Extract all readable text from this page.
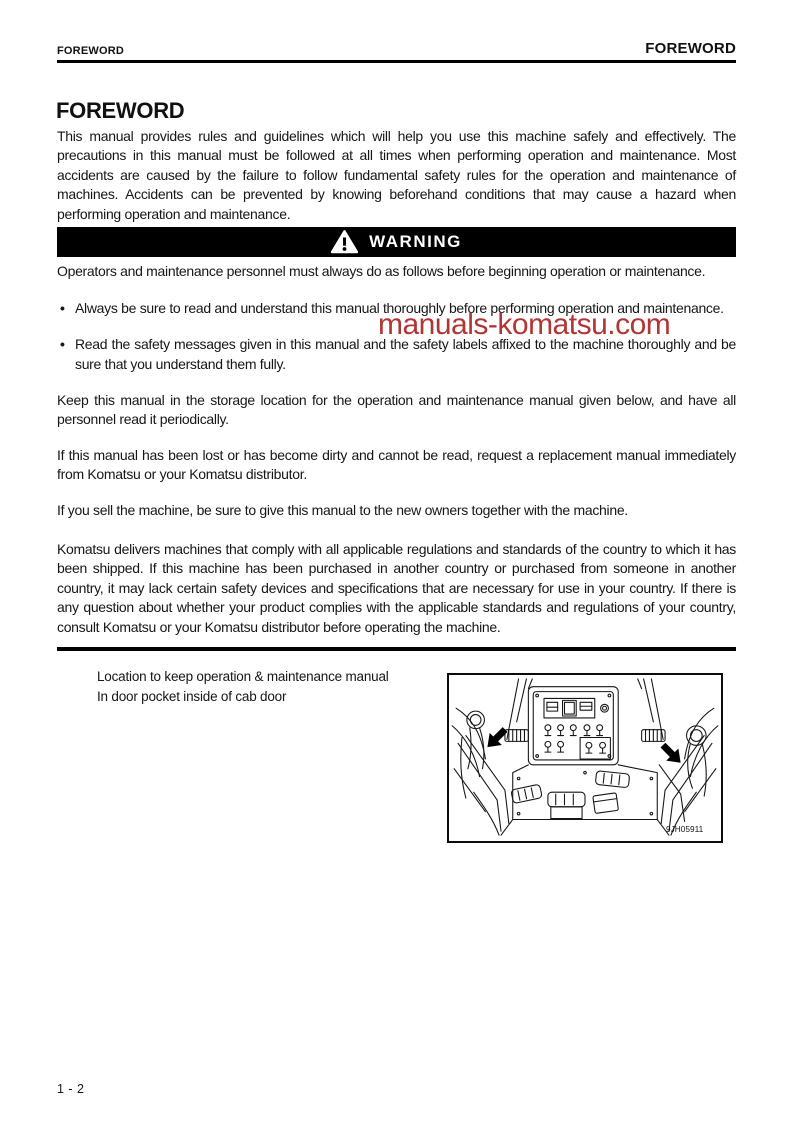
FOREWORD	FOREWORD
FOREWORD
This manual provides rules and guidelines which will help you use this machine safely and effectively. The precautions in this manual must be followed at all times when performing operation and maintenance. Most accidents are caused by the failure to follow fundamental safety rules for the operation and maintenance of machines. Accidents can be prevented by knowing beforehand conditions that may cause a hazard when performing operation and maintenance.
WARNING
Operators and maintenance personnel must always do as follows before beginning operation or maintenance.
•
Always be sure to read and understand this manual thoroughly before performing operation and maintenance.
•
Read the safety messages given in this manual and the safety labels affixed to the machine thoroughly and be sure that you understand them fully.
manuals-komatsu.com
Keep this manual in the storage location for the operation and maintenance manual given below, and have all personnel read it periodically.
If this manual has been lost or has become dirty and cannot be read, request a replacement manual immediately from Komatsu or your Komatsu distributor.
If you sell the machine, be sure to give this manual to the new owners together with the machine.
Komatsu delivers machines that comply with all applicable regulations and standards of the country to which it has been shipped. If this machine has been purchased in another country or purchased from someone in another country, it may lack certain safety devices and specifications that are necessary for use in your country. If there is any question about whether your product complies with the applicable standards and regulations of your country, consult Komatsu or your Komatsu distributor before operating the machine.
Location to keep operation & maintenance manual
In door pocket inside of cab door
9JH05911
1 - 2
